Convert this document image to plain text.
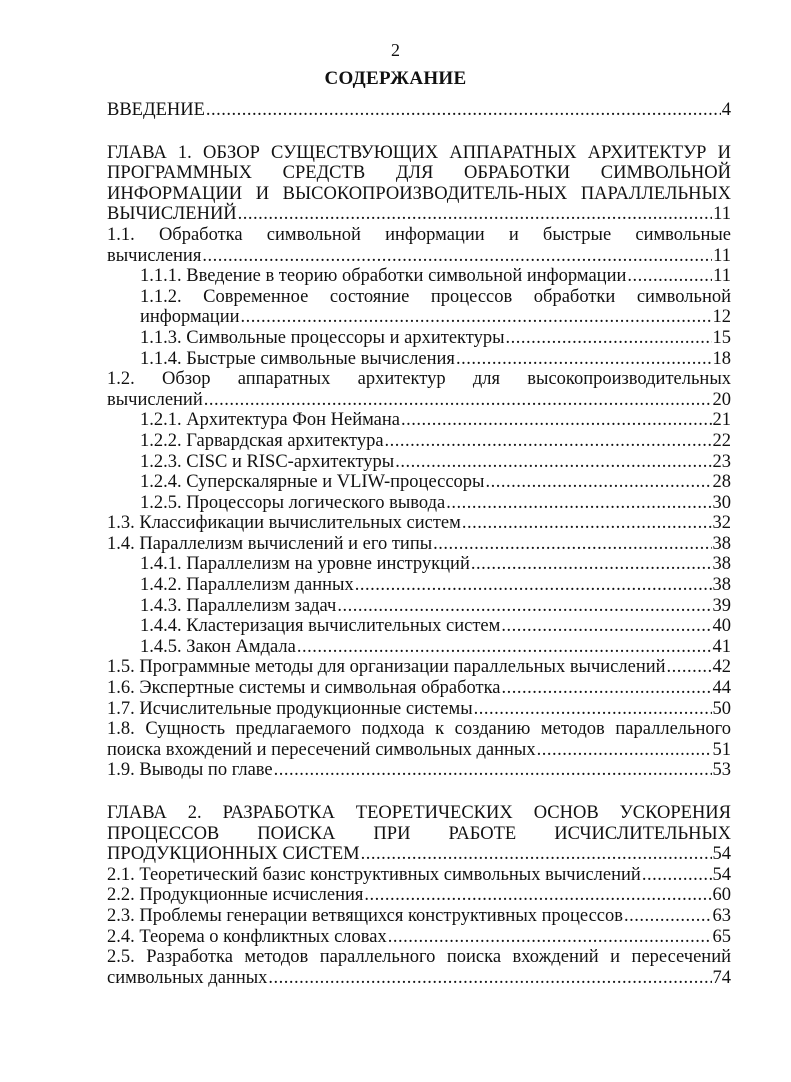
2
СОДЕРЖАНИЕ
ВВЕДЕНИЕ .....	4
ГЛАВА 1. ОБЗОР СУЩЕСТВУЮЩИХ АППАРАТНЫХ АРХИТЕКТУР И
ПРОГРАММНЫХ СРЕДСТВ ДЛЯ ОБРАБОТКИ СИМВОЛЬНОЙ
ИНФОРМАЦИИ И ВЫСОКОПРОИЗВОДИТЕЛЬ-НЫХ ПАРАЛЛЕЛЬНЫХ
ВЫЧИСЛЕНИЙ .....	11
1.1. Обработка символьной информации и быстрые символьные
вычисления .....	11
1.1.1. Введение в теорию обработки символьной информации .....	11
1.1.2. Современное состояние процессов обработки символьной
информации .....	12
1.1.3. Символьные процессоры и архитектуры .....	15
1.1.4. Быстрые символьные вычисления .....	18
1.2. Обзор аппаратных архитектур для высокопроизводительных
вычислений .....	20
1.2.1. Архитектура Фон Неймана .....	21
1.2.2. Гарвардская архитектура .....	22
1.2.3. CISC и RISC-архитектуры .....	23
1.2.4. Суперскалярные и VLIW-процессоры .....	28
1.2.5. Процессоры логического вывода .....	30
1.3. Классификации вычислительных систем .....	32
1.4. Параллелизм вычислений и его типы .....	38
1.4.1. Параллелизм на уровне инструкций .....	38
1.4.2. Параллелизм данных .....	38
1.4.3. Параллелизм задач .....	39
1.4.4. Кластеризация вычислительных систем .....	40
1.4.5. Закон Амдала .....	41
1.5. Программные методы для организации параллельных вычислений .....	42
1.6. Экспертные системы и символьная обработка .....	44
1.7. Исчислительные продукционные системы .....	50
1.8. Сущность предлагаемого подхода к созданию методов параллельного
поиска вхождений и пересечений символьных данных .....	51
1.9. Выводы по главе .....	53
ГЛАВА 2. РАЗРАБОТКА ТЕОРЕТИЧЕСКИХ ОСНОВ УСКОРЕНИЯ
ПРОЦЕССОВ ПОИСКА ПРИ РАБОТЕ ИСЧИСЛИТЕЛЬНЫХ
ПРОДУКЦИОННЫХ СИСТЕМ .....	54
2.1. Теоретический базис конструктивных символьных вычислений .....	54
2.2. Продукционные исчисления .....	60
2.3. Проблемы генерации ветвящихся конструктивных процессов .....	63
2.4. Теорема о конфликтных словах .....	65
2.5. Разработка методов параллельного поиска вхождений и пересечений
символьных данных .....	74
